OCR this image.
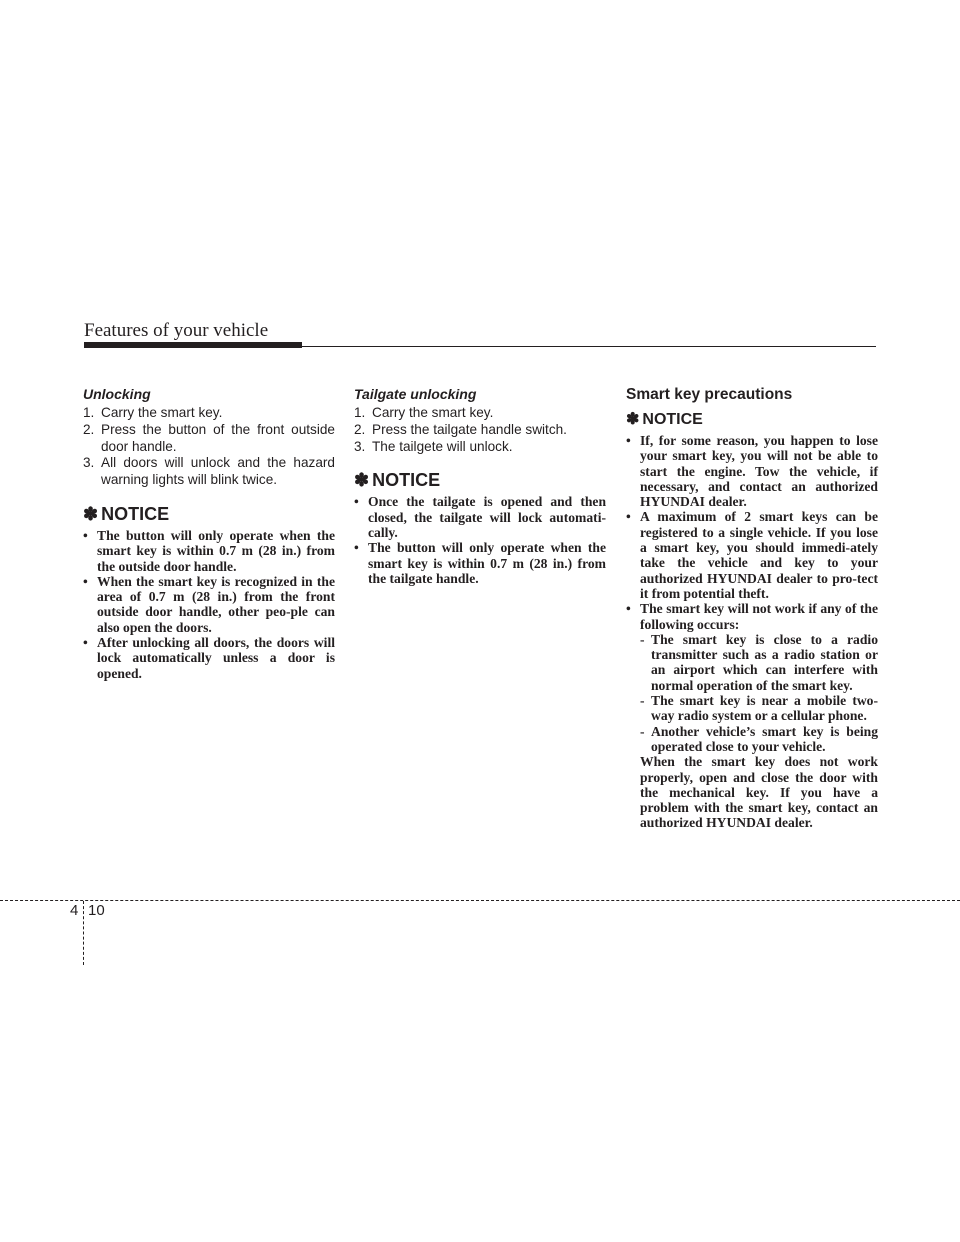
Features of your vehicle
Unlocking
1. Carry the smart key.
2. Press the button of the front outside door handle.
3. All doors will unlock and the hazard warning lights will blink twice.
✽ NOTICE
• The button will only operate when the smart key is within 0.7 m (28 in.) from the outside door handle.
• When the smart key is recognized in the area of 0.7 m (28 in.) from the front outside door handle, other peo-ple can also open the doors.
• After unlocking all doors, the doors will lock automatically unless a door is opened.
Tailgate unlocking
1. Carry the smart key.
2. Press the tailgate handle switch.
3. The tailgete will unlock.
✽ NOTICE
• Once the tailgate is opened and then closed, the tailgate will lock automati-cally.
• The button will only operate when the smart key is within 0.7 m (28 in.) from the tailgate handle.
Smart key precautions
✽ NOTICE
• If, for some reason, you happen to lose your smart key, you will not be able to start the engine. Tow the vehicle, if necessary, and contact an authorized HYUNDAI dealer.
• A maximum of 2 smart keys can be registered to a single vehicle. If you lose a smart key, you should immedi-ately take the vehicle and key to your authorized HYUNDAI dealer to pro-tect it from potential theft.
• The smart key will not work if any of the following occurs:
- The smart key is close to a radio transmitter such as a radio station or an airport which can interfere with normal operation of the smart key.
- The smart key is near a mobile two-way radio system or a cellular phone.
- Another vehicle’s smart key is being operated close to your vehicle.

When the smart key does not work properly, open and close the door with the mechanical key. If you have a problem with the smart key, contact an authorized HYUNDAI dealer.

4 10
